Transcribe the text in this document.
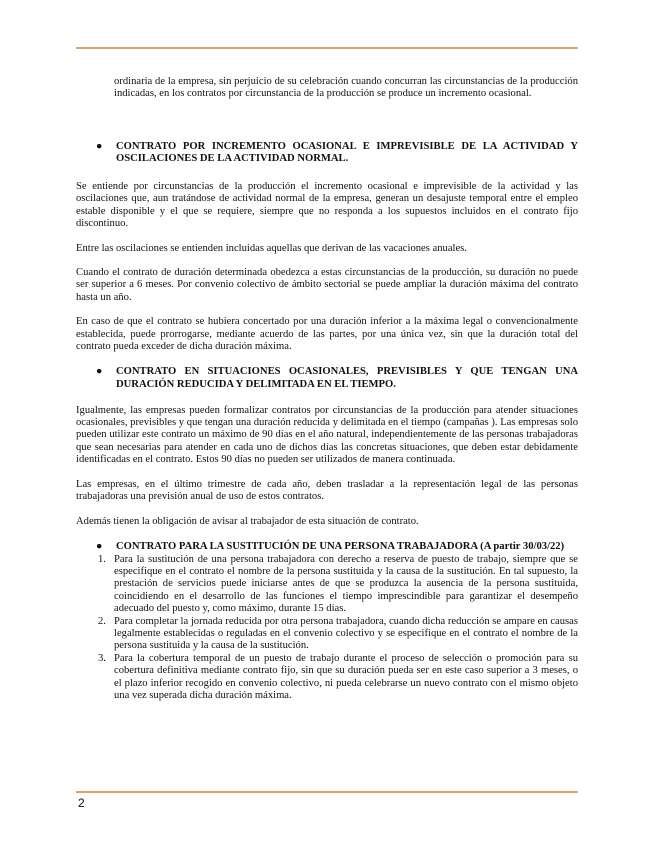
ordinaria de la empresa, sin perjuicio de su celebración cuando concurran las circunstancias de la producción indicadas, en los contratos por circunstancia de la producción se produce un incremento ocasional.

● CONTRATO POR INCREMENTO OCASIONAL E IMPREVISIBLE DE LA ACTIVIDAD Y OSCILACIONES DE LA ACTIVIDAD NORMAL.

Se entiende por circunstancias de la producción el incremento ocasional e imprevisible de la actividad y las oscilaciones que, aun tratándose de actividad normal de la empresa, generan un desajuste temporal entre el empleo estable disponible y el que se requiere, siempre que no responda a los supuestos incluidos en el contrato fijo discontinuo.

Entre las oscilaciones se entienden incluidas aquellas que derivan de las vacaciones anuales.

Cuando el contrato de duración determinada obedezca a estas circunstancias de la producción, su duración no puede ser superior a 6 meses. Por convenio colectivo de ámbito sectorial se puede ampliar la duración máxima del contrato hasta un año.

En caso de que el contrato se hubiera concertado por una duración inferior a la máxima legal o convencionalmente establecida, puede prorrogarse, mediante acuerdo de las partes, por una única vez, sin que la duración total del contrato pueda exceder de dicha duración máxima.

● CONTRATO EN SITUACIONES OCASIONALES, PREVISIBLES Y QUE TENGAN UNA DURACIÓN REDUCIDA Y DELIMITADA EN EL TIEMPO.

Igualmente, las empresas pueden formalizar contratos por circunstancias de la producción para atender situaciones ocasionales, previsibles y que tengan una duración reducida y delimitada en el tiempo (campañas ). Las empresas solo pueden utilizar este contrato un máximo de 90 días en el año natural, independientemente de las personas trabajadoras que sean necesarias para atender en cada uno de dichos días las concretas situaciones, que deben estar debidamente identificadas en el contrato. Estos 90 días no pueden ser utilizados de manera continuada.

Las empresas, en el último trimestre de cada año, deben trasladar a la representación legal de las personas trabajadoras una previsión anual de uso de estos contratos.

Además tienen la obligación de avisar al trabajador de esta situación de contrato.

● CONTRATO PARA LA SUSTITUCIÓN DE UNA PERSONA TRABAJADORA (A partir 30/03/22)
1. Para la sustitución de una persona trabajadora con derecho a reserva de puesto de trabajo, siempre que se especifique en el contrato el nombre de la persona sustituida y la causa de la sustitución. En tal supuesto, la prestación de servicios puede iniciarse antes de que se produzca la ausencia de la persona sustituida, coincidiendo en el desarrollo de las funciones el tiempo imprescindible para garantizar el desempeño adecuado del puesto y, como máximo, durante 15 días.
2. Para completar la jornada reducida por otra persona trabajadora, cuando dicha reducción se ampare en causas legalmente establecidas o reguladas en el convenio colectivo y se especifique en el contrato el nombre de la persona sustituida y la causa de la sustitución.
3. Para la cobertura temporal de un puesto de trabajo durante el proceso de selección o promoción para su cobertura definitiva mediante contrato fijo, sin que su duración pueda ser en este caso superior a 3 meses, o el plazo inferior recogido en convenio colectivo, ni pueda celebrarse un nuevo contrato con el mismo objeto una vez superada dicha duración máxima.
2
